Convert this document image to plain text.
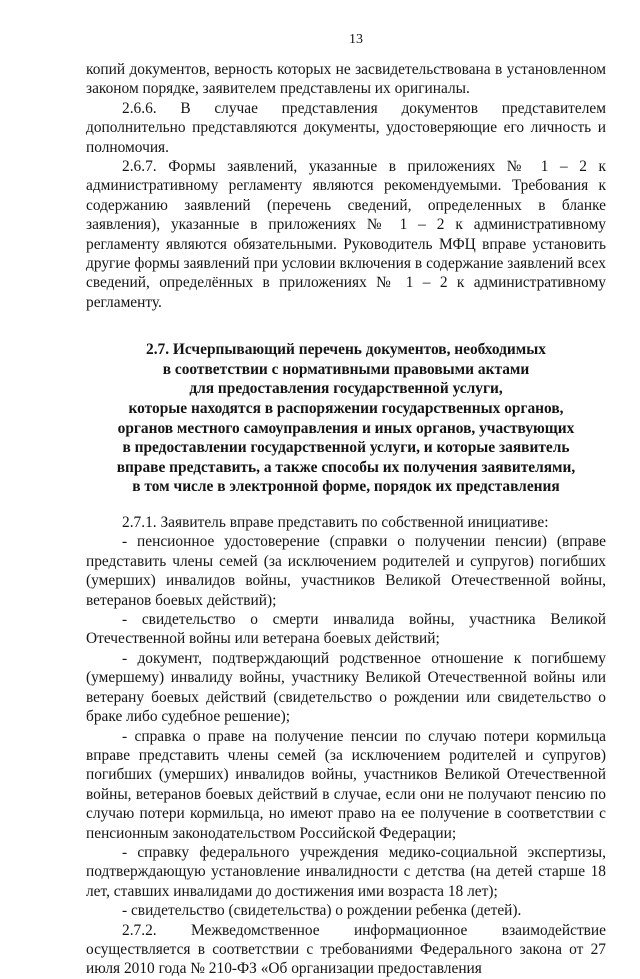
13

копий документов, верность которых не засвидетельствована в установленном законом порядке, заявителем представлены их оригиналы.

2.6.6. В случае представления документов представителем дополнительно представляются документы, удостоверяющие его личность и полномочия.

2.6.7. Формы заявлений, указанные в приложениях № 1 – 2 к административному регламенту являются рекомендуемыми. Требования к содержанию заявлений (перечень сведений, определенных в бланке заявления), указанные в приложениях № 1 – 2 к административному регламенту являются обязательными. Руководитель МФЦ вправе установить другие формы заявлений при условии включения в содержание заявлений всех сведений, определённых в приложениях № 1 – 2 к административному регламенту.

2.7. Исчерпывающий перечень документов, необходимых
в соответствии с нормативными правовыми актами
для предоставления государственной услуги,
которые находятся в распоряжении государственных органов,
органов местного самоуправления и иных органов, участвующих
в предоставлении государственной услуги, и которые заявитель
вправе представить, а также способы их получения заявителями,
в том числе в электронной форме, порядок их представления

2.7.1. Заявитель вправе представить по собственной инициативе:

- пенсионное удостоверение (справки о получении пенсии) (вправе представить члены семей (за исключением родителей и супругов) погибших (умерших) инвалидов войны, участников Великой Отечественной войны, ветеранов боевых действий);

- свидетельство о смерти инвалида войны, участника Великой Отечественной войны или ветерана боевых действий;

- документ, подтверждающий родственное отношение к погибшему (умершему) инвалиду войны, участнику Великой Отечественной войны или ветерану боевых действий (свидетельство о рождении или свидетельство о браке либо судебное решение);

- справка о праве на получение пенсии по случаю потери кормильца вправе представить члены семей (за исключением родителей и супругов) погибших (умерших) инвалидов войны, участников Великой Отечественной войны, ветеранов боевых действий в случае, если они не получают пенсию по случаю потери кормильца, но имеют право на ее получение в соответствии с пенсионным законодательством Российской Федерации;

- справку федерального учреждения медико-социальной экспертизы, подтверждающую установление инвалидности с детства (на детей старше 18 лет, ставших инвалидами до достижения ими возраста 18 лет);

- свидетельство (свидетельства) о рождении ребенка (детей).

2.7.2. Межведомственное информационное взаимодействие осуществляется в соответствии с требованиями Федерального закона от 27 июля 2010 года № 210-ФЗ «Об организации предоставления
